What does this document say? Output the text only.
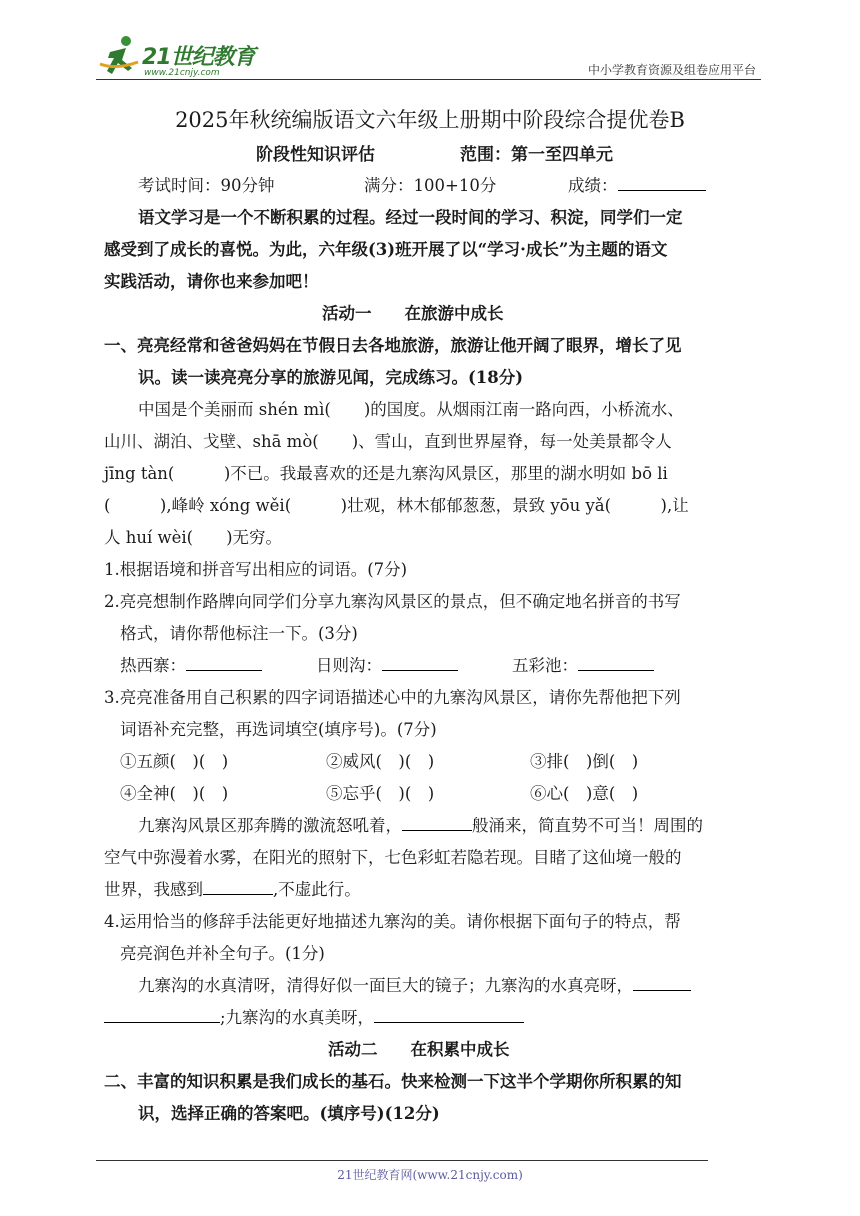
21世纪教育
www.21cnjy.com	中小学教育资源及组卷应用平台
2025年秋统编版语文六年级上册期中阶段综合提优卷B
阶段性知识评估	范围：第一至四单元
考试时间：90分钟	满分：100+10分	成绩：
语文学习是一个不断积累的过程。经过一段时间的学习、积淀，同学们一定
感受到了成长的喜悦。为此，六年级(3)班开展了以“学习·成长”为主题的语文
实践活动，请你也来参加吧！
活动一　　在旅游中成长
一、亮亮经常和爸爸妈妈在节假日去各地旅游，旅游让他开阔了眼界，增长了见
识。读一读亮亮分享的旅游见闻，完成练习。(18分)
中国是个美丽而 shén mì(　　)的国度。从烟雨江南一路向西，小桥流水、
山川、湖泊、戈壁、shā mò(　　)、雪山，直到世界屋脊，每一处美景都令人
jīng tàn(　　　)不已。我最喜欢的还是九寨沟风景区，那里的湖水明如 bō li
(　　　),峰岭 xóng wěi(　　　)壮观，林木郁郁葱葱，景致 yōu yǎ(　　　),让
人 huí wèi(　　)无穷。
1.根据语境和拼音写出相应的词语。(7分)
2.亮亮想制作路牌向同学们分享九寨沟风景区的景点，但不确定地名拼音的书写
格式，请你帮他标注一下。(3分)
热西寨：	日则沟：	五彩池：
3.亮亮准备用自己积累的四字词语描述心中的九寨沟风景区，请你先帮他把下列
词语补充完整，再选词填空(填序号)。(7分)
①五颜(　)(　)	②威风(　)(　)	③排(　)倒(　)
④全神(　)(　)	⑤忘乎(　)(　)	⑥心(　)意(　)
九寨沟风景区那奔腾的激流怒吼着，	般涌来，简直势不可当！周围的
空气中弥漫着水雾，在阳光的照射下，七色彩虹若隐若现。目睹了这仙境一般的
世界，我感到	,不虚此行。
4.运用恰当的修辞手法能更好地描述九寨沟的美。请你根据下面句子的特点，帮
亮亮润色并补全句子。(1分)
九寨沟的水真清呀，清得好似一面巨大的镜子；九寨沟的水真亮呀，
;九寨沟的水真美呀，
活动二　　在积累中成长
二、丰富的知识积累是我们成长的基石。快来检测一下这半个学期你所积累的知
识，选择正确的答案吧。(填序号)(12分)
21世纪教育网(www.21cnjy.com)
